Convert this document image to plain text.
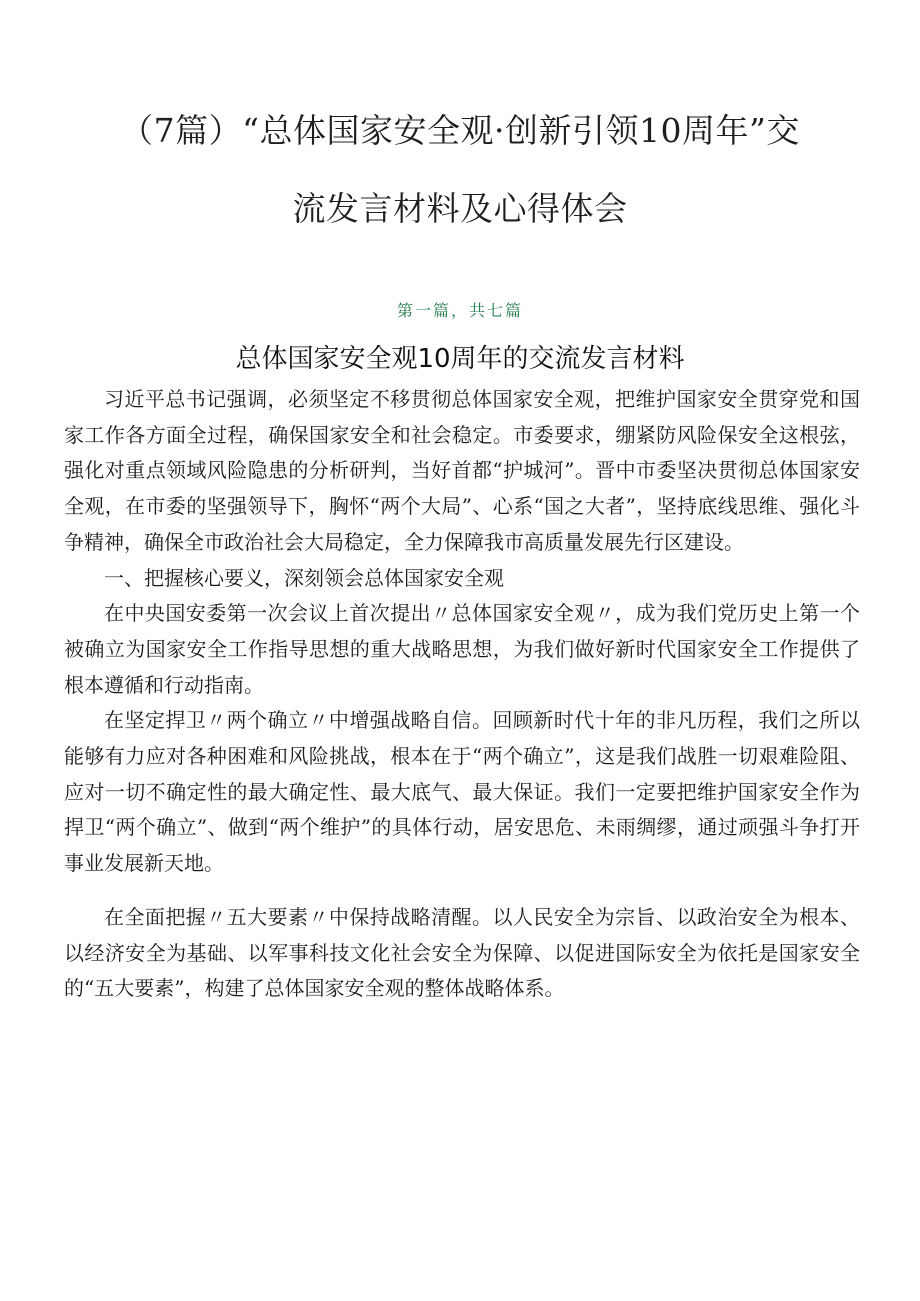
（7篇）“总体国家安全观·创新引领10周年”交
流发言材料及心得体会

第一篇，共七篇

总体国家安全观10周年的交流发言材料

习近平总书记强调，必须坚定不移贯彻总体国家安全观，把维护国家安全贯穿党和国家工作各方面全过程，确保国家安全和社会稳定。市委要求，绷紧防风险保安全这根弦，强化对重点领域风险隐患的分析研判，当好首都“护城河”。晋中市委坚决贯彻总体国家安全观，在市委的坚强领导下，胸怀“两个大局”、心系“国之大者”，坚持底线思维、强化斗争精神，确保全市政治社会大局稳定，全力保障我市高质量发展先行区建设。

一、把握核心要义，深刻领会总体国家安全观

在中央国安委第一次会议上首次提出〃总体国家安全观〃，成为我们党历史上第一个被确立为国家安全工作指导思想的重大战略思想，为我们做好新时代国家安全工作提供了根本遵循和行动指南。

在坚定捍卫〃两个确立〃中增强战略自信。回顾新时代十年的非凡历程，我们之所以能够有力应对各种困难和风险挑战，根本在于“两个确立”，这是我们战胜一切艰难险阻、应对一切不确定性的最大确定性、最大底气、最大保证。我们一定要把维护国家安全作为捍卫“两个确立”、做到“两个维护”的具体行动，居安思危、未雨绸缪，通过顽强斗争打开事业发展新天地。

在全面把握〃五大要素〃中保持战略清醒。以人民安全为宗旨、以政治安全为根本、以经济安全为基础、以军事科技文化社会安全为保障、以促进国际安全为依托是国家安全的“五大要素”，构建了总体国家安全观的整体战略体系。
